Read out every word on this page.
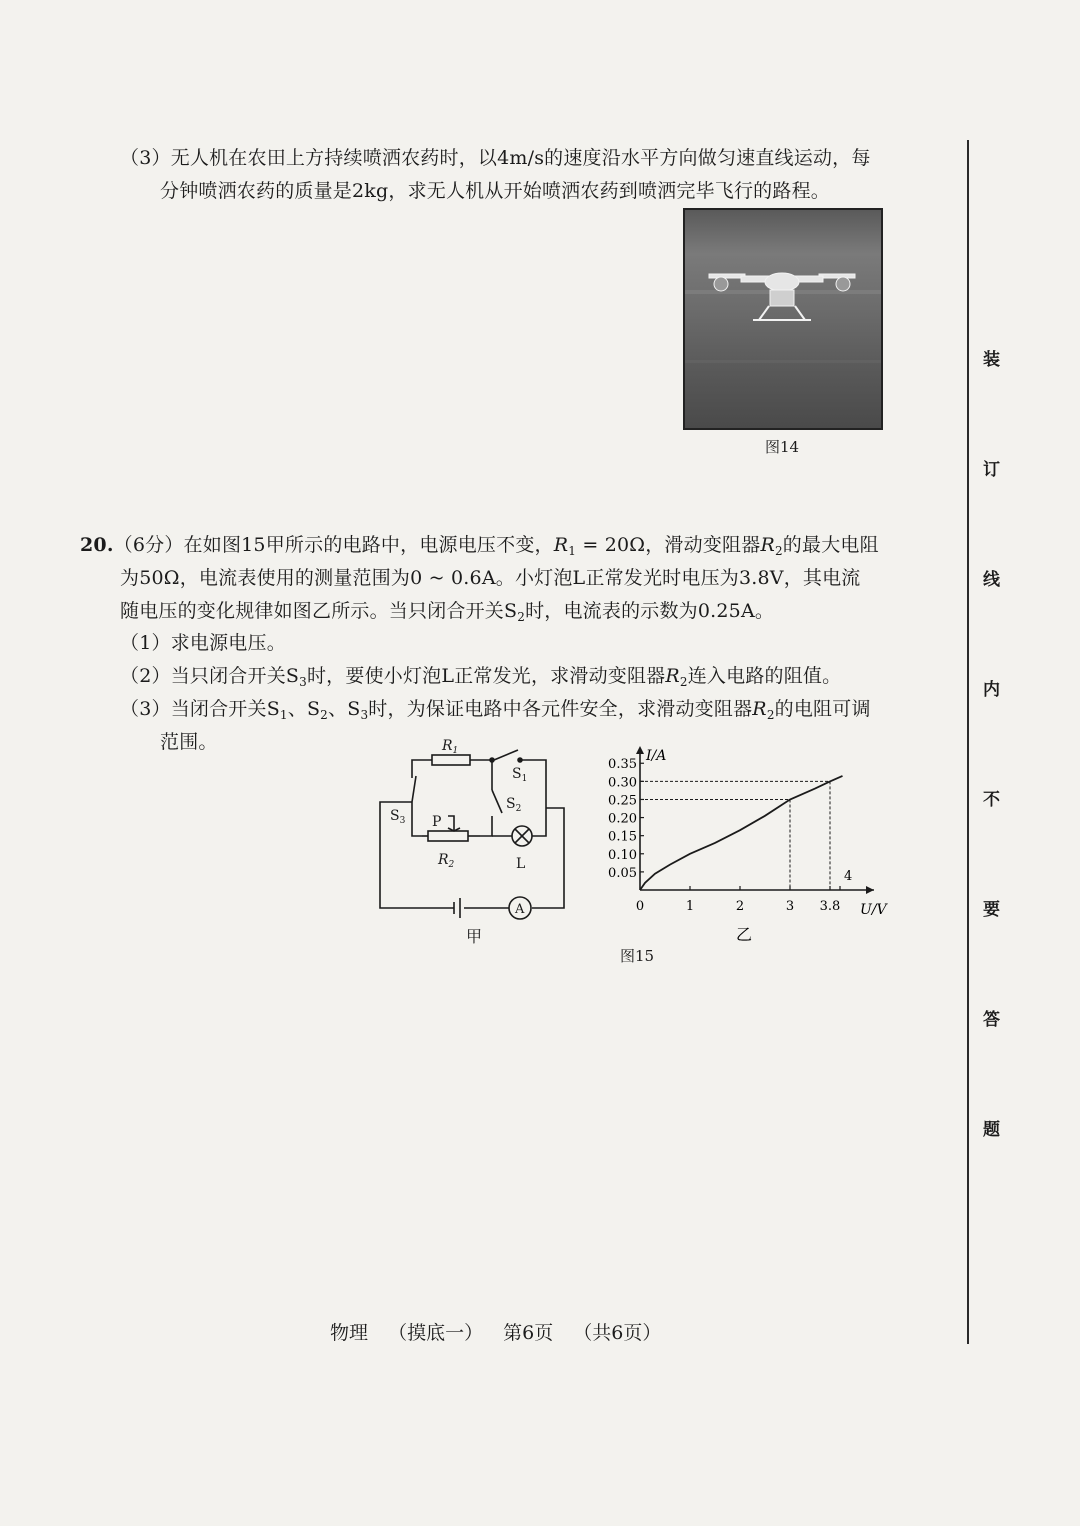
（3）无人机在农田上方持续喷洒农药时，以4m/s的速度沿水平方向做匀速直线运动，每
分钟喷洒农药的质量是2kg，求无人机从开始喷洒农药到喷洒完毕飞行的路程。
图14
20.（6分）在如图15甲所示的电路中，电源电压不变，$R_1 = 20\Omega$，滑动变阻器$R_2$的最大电阻
为50Ω，电流表使用的测量范围为0 ~ 0.6A。小灯泡L正常发光时电压为3.8V，其电流
随电压的变化规律如图乙所示。当只闭合开关$S_2$时，电流表的示数为0.25A。
（1）求电源电压。
（2）当只闭合开关$S_3$时，要使小灯泡L正常发光，求滑动变阻器$R_2$连入电路的阻值。
（3）当闭合开关$S_1$、$S_2$、$S_3$时，为保证电路中各元件安全，求滑动变阻器$R_2$的电阻可调
范围。	$R_1$
$S_1$
$S_2$
$S_3$ P
$R_2$	L
A
甲
I/A
U/V
0.05
0.10
0.15
0.20
0.25
0.30
0.35
0	1	2	3 3.8
4
乙
图15
装
订
线
内
不
要
答
题
物理 （摸底一） 第6页 （共6页）
